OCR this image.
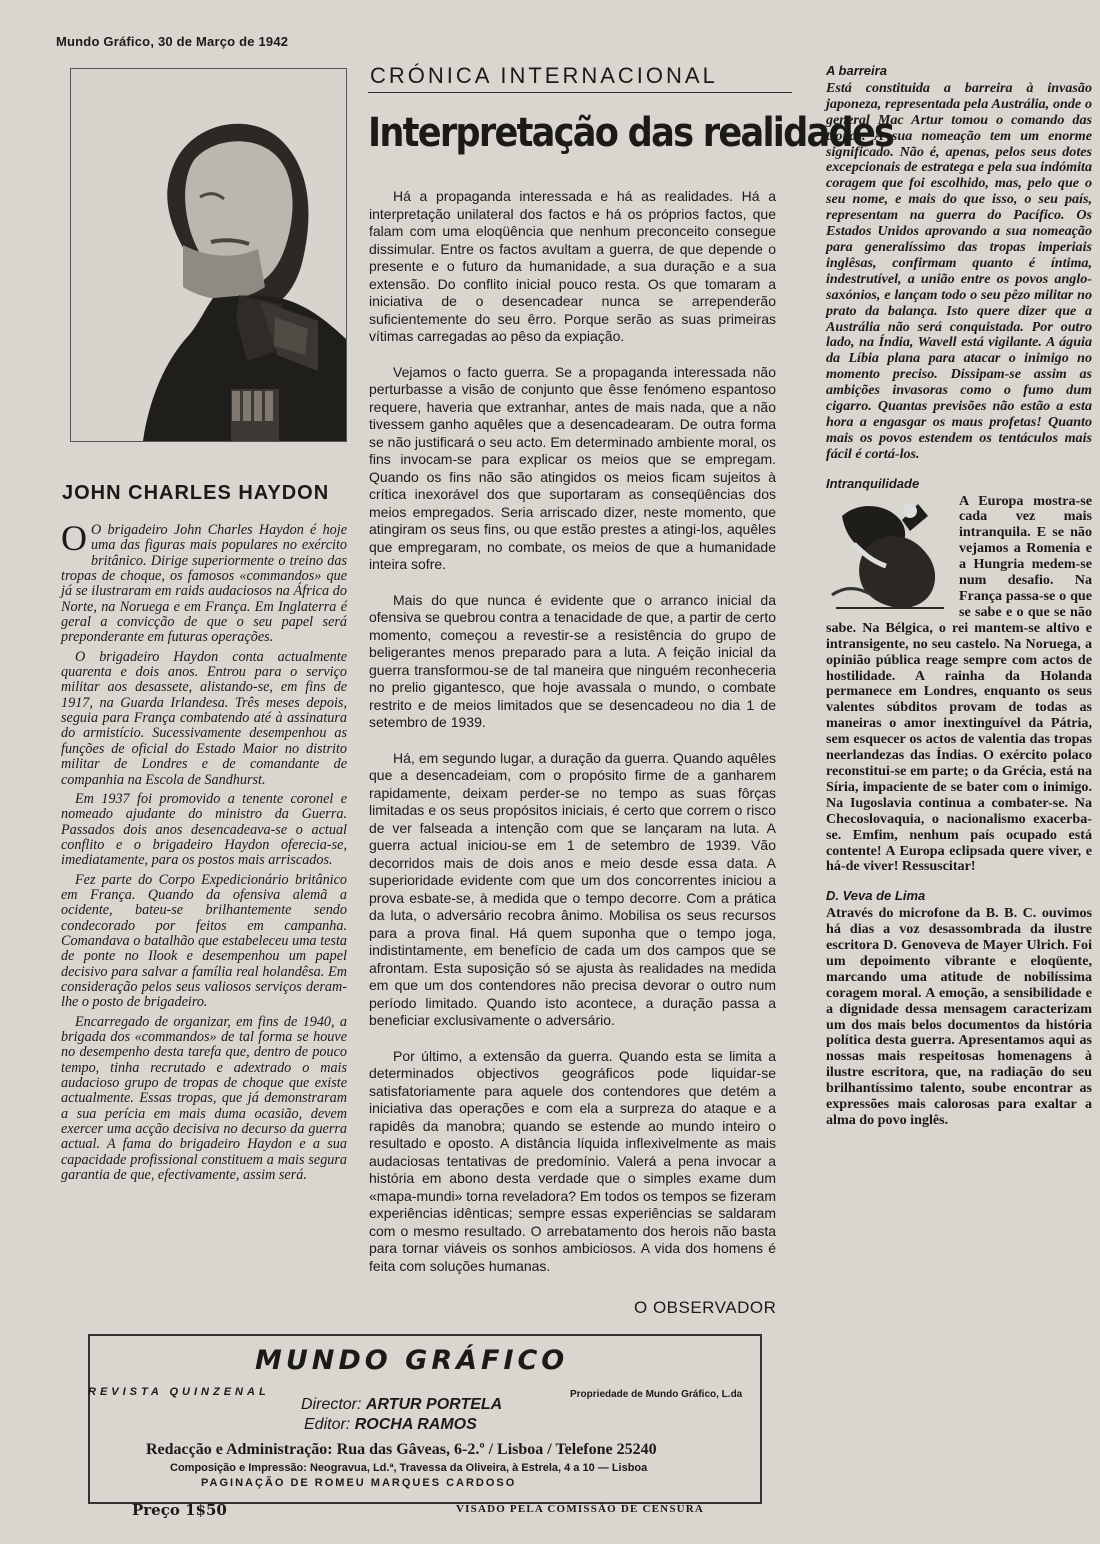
Mundo Gráfico, 30 de Março de 1942
JOHN CHARLES HAYDON

O O brigadeiro John Charles Haydon é hoje uma das figuras mais populares no exército britânico. Dirige superiormente o treino das tropas de choque, os famosos «commandos» que já se ilustraram em raids audaciosos na África do Norte, na Noruega e em França. Em Inglaterra é geral a convicção de que o seu papel será preponderante em futuras operações.

O brigadeiro Haydon conta actualmente quarenta e dois anos. Entrou para o serviço militar aos desassete, alistando-se, em fins de 1917, na Guarda Irlandesa. Três meses depois, seguia para França combatendo até à assinatura do armistício. Sucessivamente desempenhou as funções de oficial do Estado Maior no distrito militar de Londres e de comandante de companhia na Escola de Sandhurst.

Em 1937 foi promovido a tenente coronel e nomeado ajudante do ministro da Guerra. Passados dois anos desencadeava-se o actual conflito e o brigadeiro Haydon oferecia-se, imediatamente, para os postos mais arriscados.

Fez parte do Corpo Expedicionário britânico em França. Quando da ofensiva alemã a ocidente, bateu-se brilhantemente sendo condecorado por feitos em campanha. Comandava o batalhão que estabeleceu uma testa de ponte no Ilook e desempenhou um papel decisivo para salvar a família real holandêsa. Em consideração pelos seus valiosos serviços deram-lhe o posto de brigadeiro.

Encarregado de organizar, em fins de 1940, a brigada dos «commandos» de tal forma se houve no desempenho desta tarefa que, dentro de pouco tempo, tinha recrutado e adextrado o mais audacioso grupo de tropas de choque que existe actualmente. Essas tropas, que já demonstraram a sua perícia em mais duma ocasião, devem exercer uma acção decisiva no decurso da guerra actual. A fama do brigadeiro Haydon e a sua capacidade profissional constituem a mais segura garantia de que, efectivamente, assim será.

CRÓNICA INTERNACIONAL
Interpretação das realidades

Há a propaganda interessada e há as realidades. Há a interpretação unilateral dos factos e há os próprios factos, que falam com uma eloqüência que nenhum preconceito consegue dissimular. Entre os factos avultam a guerra, de que depende o presente e o futuro da humanidade, a sua duração e a sua extensão. Do conflito inicial pouco resta. Os que tomaram a iniciativa de o desencadear nunca se arrependerão suficientemente do seu êrro. Porque serão as suas primeiras vítimas carregadas ao pêso da expiação.

Vejamos o facto guerra. Se a propaganda interessada não perturbasse a visão de conjunto que êsse fenómeno espantoso requere, haveria que extranhar, antes de mais nada, que a não tivessem ganho aquêles que a desencadearam. De outra forma se não justificará o seu acto. Em determinado ambiente moral, os fins invocam-se para explicar os meios que se empregam. Quando os fins não são atingidos os meios ficam sujeitos à crítica inexorável dos que suportaram as conseqüências dos meios empregados. Seria arriscado dizer, neste momento, que atingiram os seus fins, ou que estão prestes a atingi-los, aquêles que empregaram, no combate, os meios de que a humanidade inteira sofre.

Mais do que nunca é evidente que o arranco inicial da ofensiva se quebrou contra a tenacidade de que, a partir de certo momento, começou a revestir-se a resistência do grupo de beligerantes menos preparado para a luta. A feição inicial da guerra transformou-se de tal maneira que ninguém reconheceria no prelio gigantesco, que hoje avassala o mundo, o combate restrito e de meios limitados que se desencadeou no dia 1 de setembro de 1939.

Há, em segundo lugar, a duração da guerra. Quando aquêles que a desencadeiam, com o propósito firme de a ganharem rapidamente, deixam perder-se no tempo as suas fôrças limitadas e os seus propósitos iniciais, é certo que correm o risco de ver falseada a intenção com que se lançaram na luta. A guerra actual iniciou-se em 1 de setembro de 1939. Vão decorridos mais de dois anos e meio desde essa data. A superioridade evidente com que um dos concorrentes iniciou a prova esbate-se, à medida que o tempo decorre. Com a prática da luta, o adversário recobra ânimo. Mobilisa os seus recursos para a prova final. Há quem suponha que o tempo joga, indistintamente, em benefício de cada um dos campos que se afrontam. Esta suposição só se ajusta às realidades na medida em que um dos contendores não precisa devorar o outro num período limitado. Quando isto acontece, a duração passa a beneficiar exclusivamente o adversário.

Por último, a extensão da guerra. Quando esta se limita a determinados objectivos geográficos pode liquidar-se satisfatoriamente para aquele dos contendores que detém a iniciativa das operações e com ela a surpreza do ataque e a rapidês da manobra; quando se estende ao mundo inteiro o resultado e oposto. A distância líquida inflexivelmente as mais audaciosas tentativas de predomínio. Valerá a pena invocar a história em abono desta verdade que o simples exame dum «mapa-mundi» torna reveladora? Em todos os tempos se fizeram experiências idênticas; sempre essas experiências se saldaram com o mesmo resultado. O arrebatamento dos herois não basta para tornar viáveis os sonhos ambiciosos. A vida dos homens é feita com soluções humanas.

O OBSERVADOR
A barreira

Está constituida a barreira à invasão japoneza, representada pela Austrália, onde o general Mac Artur tomou o comando das tropas. A sua nomeação tem um enorme significado. Não é, apenas, pelos seus dotes excepcionais de estratega e pela sua indómita coragem que foi escolhido, mas, pelo que o seu nome, e mais do que isso, o seu país, representam na guerra do Pacífico. Os Estados Unidos aprovando a sua nomeação para generalíssimo das tropas imperiais inglêsas, confirmam quanto é íntima, indestrutível, a união entre os povos anglo-saxónios, e lançam todo o seu pêzo militar no prato da balança. Isto quere dizer que a Austrália não será conquistada. Por outro lado, na Índia, Wavell está vigilante. A águia da Líbia plana para atacar o inimigo no momento preciso. Dissipam-se assim as ambições invasoras como o fumo dum cigarro. Quantas previsões não estão a esta hora a engasgar os maus profetas! Quanto mais os povos estendem os tentáculos mais fácil é cortá-los.

Intranquilidade

A Europa mostra-se cada vez mais intranquila. E se não vejamos a Romenia e a Hungria medem-se num desafio. Na França passa-se o que se sabe e o que se não sabe. Na Bélgica, o rei mantem-se altivo e intransigente, no seu castelo. Na Noruega, a opinião pública reage sempre com actos de hostilidade. A rainha da Holanda permanece em Londres, enquanto os seus valentes súbditos provam de todas as maneiras o amor inextinguível da Pátria, sem esquecer os actos de valentia das tropas neerlandezas das Índias. O exército polaco reconstitui-se em parte; o da Grécia, está na Síria, impaciente de se bater com o inimigo. Na Iugoslavia continua a combater-se. Na Checoslovaquia, o nacionalismo exacerba-se. Emfim, nenhum país ocupado está contente! A Europa eclipsada quere viver, e há-de viver! Ressuscitar!

D. Veva de Lima

Através do microfone da B. B. C. ouvimos há dias a voz desassombrada da ilustre escritora D. Genoveva de Mayer Ulrich. Foi um depoimento vibrante e eloqüente, marcando uma atitude de nobilíssima coragem moral. A emoção, a sensibilidade e a dignidade dessa mensagem caracterizam um dos mais belos documentos da história política desta guerra. Apresentamos aqui as nossas mais respeitosas homenagens à ilustre escritora, que, na radiação do seu brilhantíssimo talento, soube encontrar as expressões mais calorosas para exaltar a alma do povo inglês.

MUNDO GRÁFICO
REVISTA QUINZENAL	Propriedade de Mundo Gráfico, L.da
Director: ARTUR PORTELA
Editor: ROCHA RAMOS
Redacção e Administração: Rua das Gâveas, 6-2.º / Lisboa / Telefone 25240
Composição e Impressão: Neogravua, Ld.ª, Travessa da Oliveira, à Estrela, 4 a 10 — Lisboa
PAGINAÇÃO DE ROMEU MARQUES CARDOSO
Preço 1$50	VISADO PELA COMISSÃO DE CENSURA
